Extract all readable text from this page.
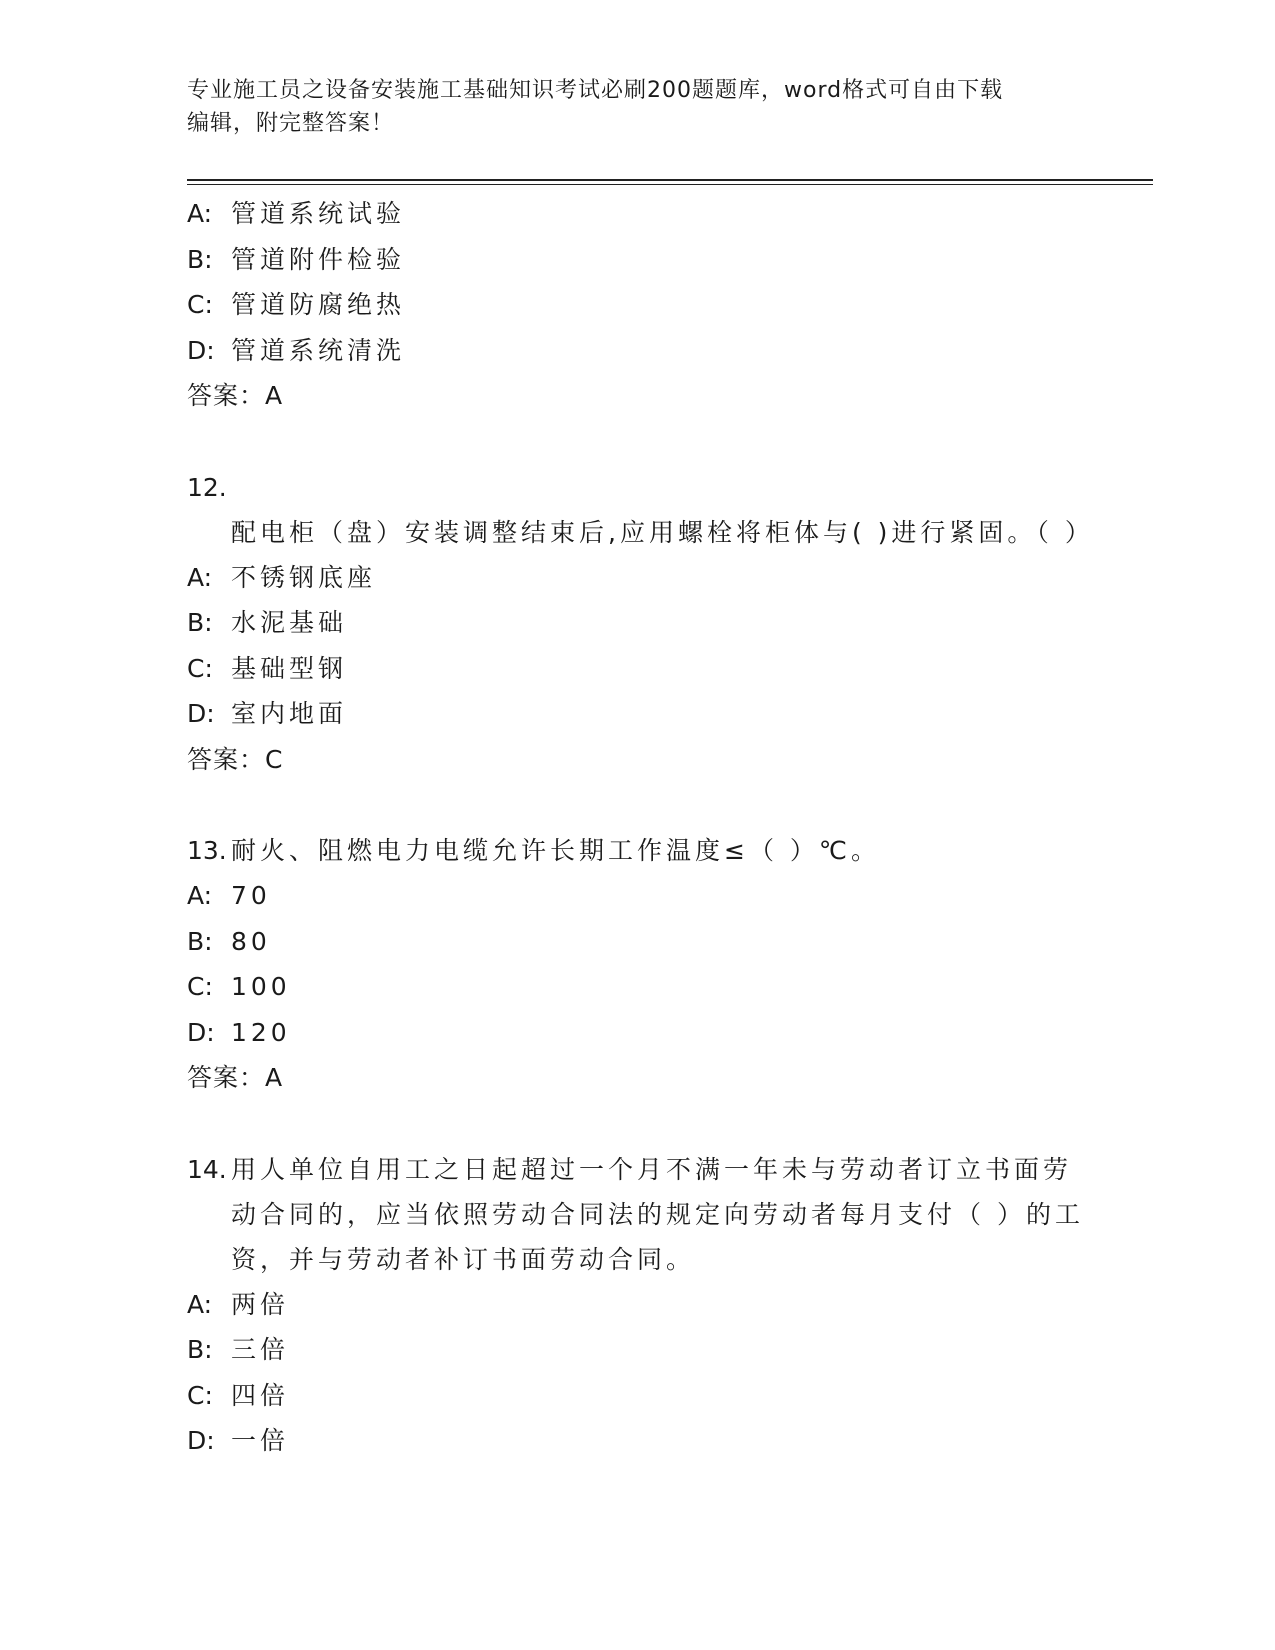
专业施工员之设备安装施工基础知识考试必刷200题题库，word格式可自由下载
编辑，附完整答案！
A: 管道系统试验
B: 管道附件检验
C: 管道防腐绝热
D: 管道系统清洗
答案：A
12.配电柜（盘）安装调整结束后,应用螺栓将柜体与( )进行紧固。（ ）
A: 不锈钢底座
B: 水泥基础
C: 基础型钢
D: 室内地面
答案：C
13. 耐火、阻燃电力电缆允许长期工作温度≤（ ）℃。
A: 70
B: 80
C: 100
D: 120
答案：A
14. 用人单位自用工之日起超过一个月不满一年未与劳动者订立书面劳动合同的，应当依照劳动合同法的规定向劳动者每月支付（ ）的工资，并与劳动者补订书面劳动合同。
A: 两倍
B: 三倍
C: 四倍
D: 一倍
